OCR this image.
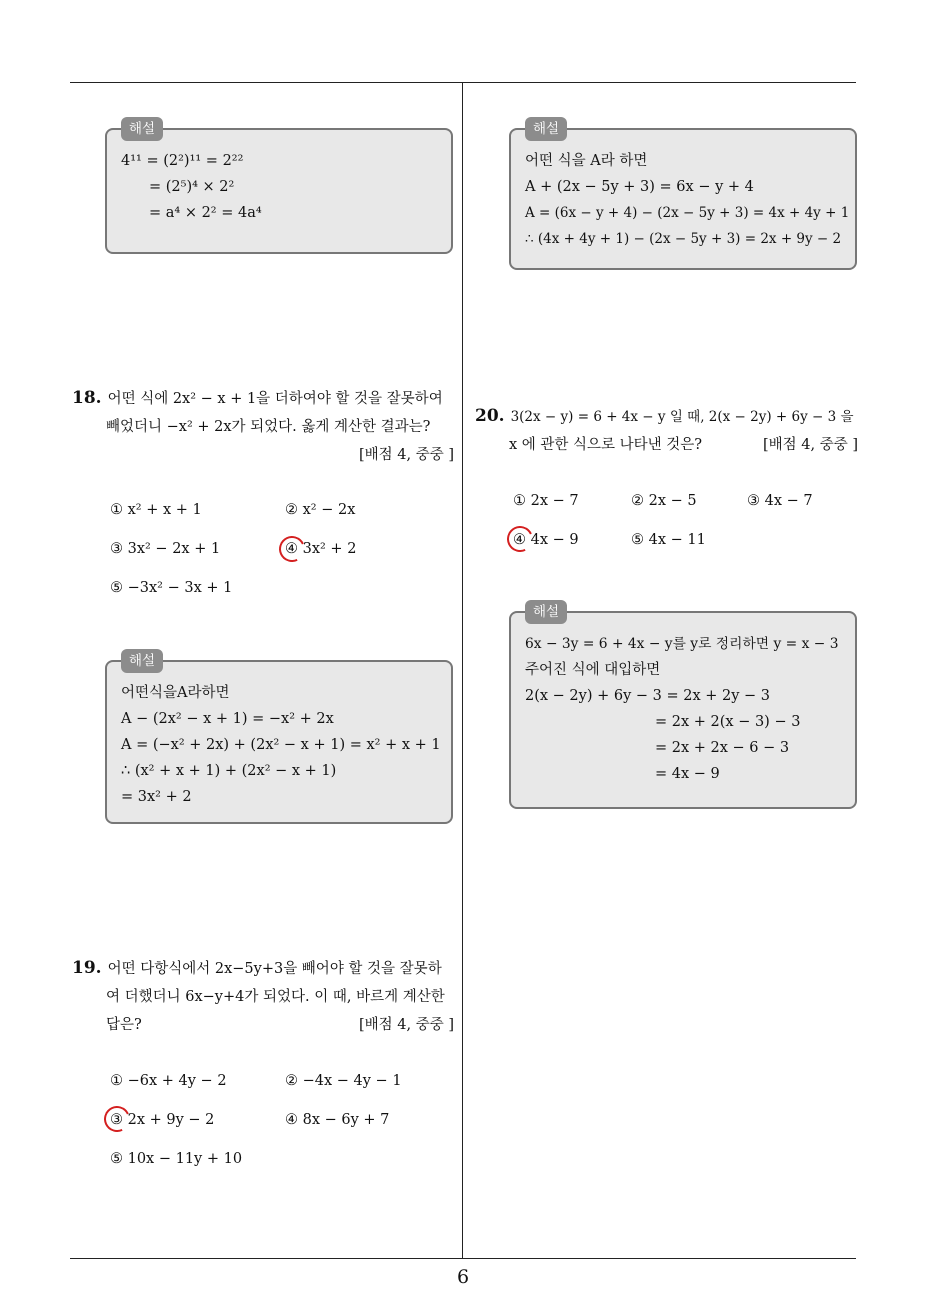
해설
4¹¹ = (2²)¹¹ = 2²²
= (2⁵)⁴ × 2²
= a⁴ × 2² = 4a⁴
18. 어떤 식에 2x² − x + 1을 더하여야 할 것을 잘못하여
빼었더니 −x² + 2x가 되었다. 옳게 계산한 결과는?
[배점 4, 중중 ]
① x² + x + 1	② x² − 2x
③ 3x² − 2x + 1	④ 3x² + 2
⑤ −3x² − 3x + 1
해설
어떤식을A라하면
A − (2x² − x + 1) = −x² + 2x
A = (−x² + 2x) + (2x² − x + 1) = x² + x + 1
∴ (x² + x + 1) + (2x² − x + 1)
= 3x² + 2
19. 어떤 다항식에서 2x−5y+3을 빼어야 할 것을 잘못하
여 더했더니 6x−y+4가 되었다. 이 때, 바르게 계산한
답은?	[배점 4, 중중 ]
① −6x + 4y − 2	② −4x − 4y − 1
③ 2x + 9y − 2	④ 8x − 6y + 7
⑤ 10x − 11y + 10
해설
어떤 식을 A라 하면
A + (2x − 5y + 3) = 6x − y + 4
A = (6x − y + 4) − (2x − 5y + 3) = 4x + 4y + 1
∴ (4x + 4y + 1) − (2x − 5y + 3) = 2x + 9y − 2
20. 3(2x − y) = 6 + 4x − y 일 때, 2(x − 2y) + 6y − 3 을
x 에 관한 식으로 나타낸 것은?	[배점 4, 중중 ]
① 2x − 7	② 2x − 5	③ 4x − 7
④ 4x − 9	⑤ 4x − 11
해설
6x − 3y = 6 + 4x − y를 y로 정리하면 y = x − 3
주어진 식에 대입하면
2(x − 2y) + 6y − 3 = 2x + 2y − 3
= 2x + 2(x − 3) − 3
= 2x + 2x − 6 − 3
= 4x − 9
6
